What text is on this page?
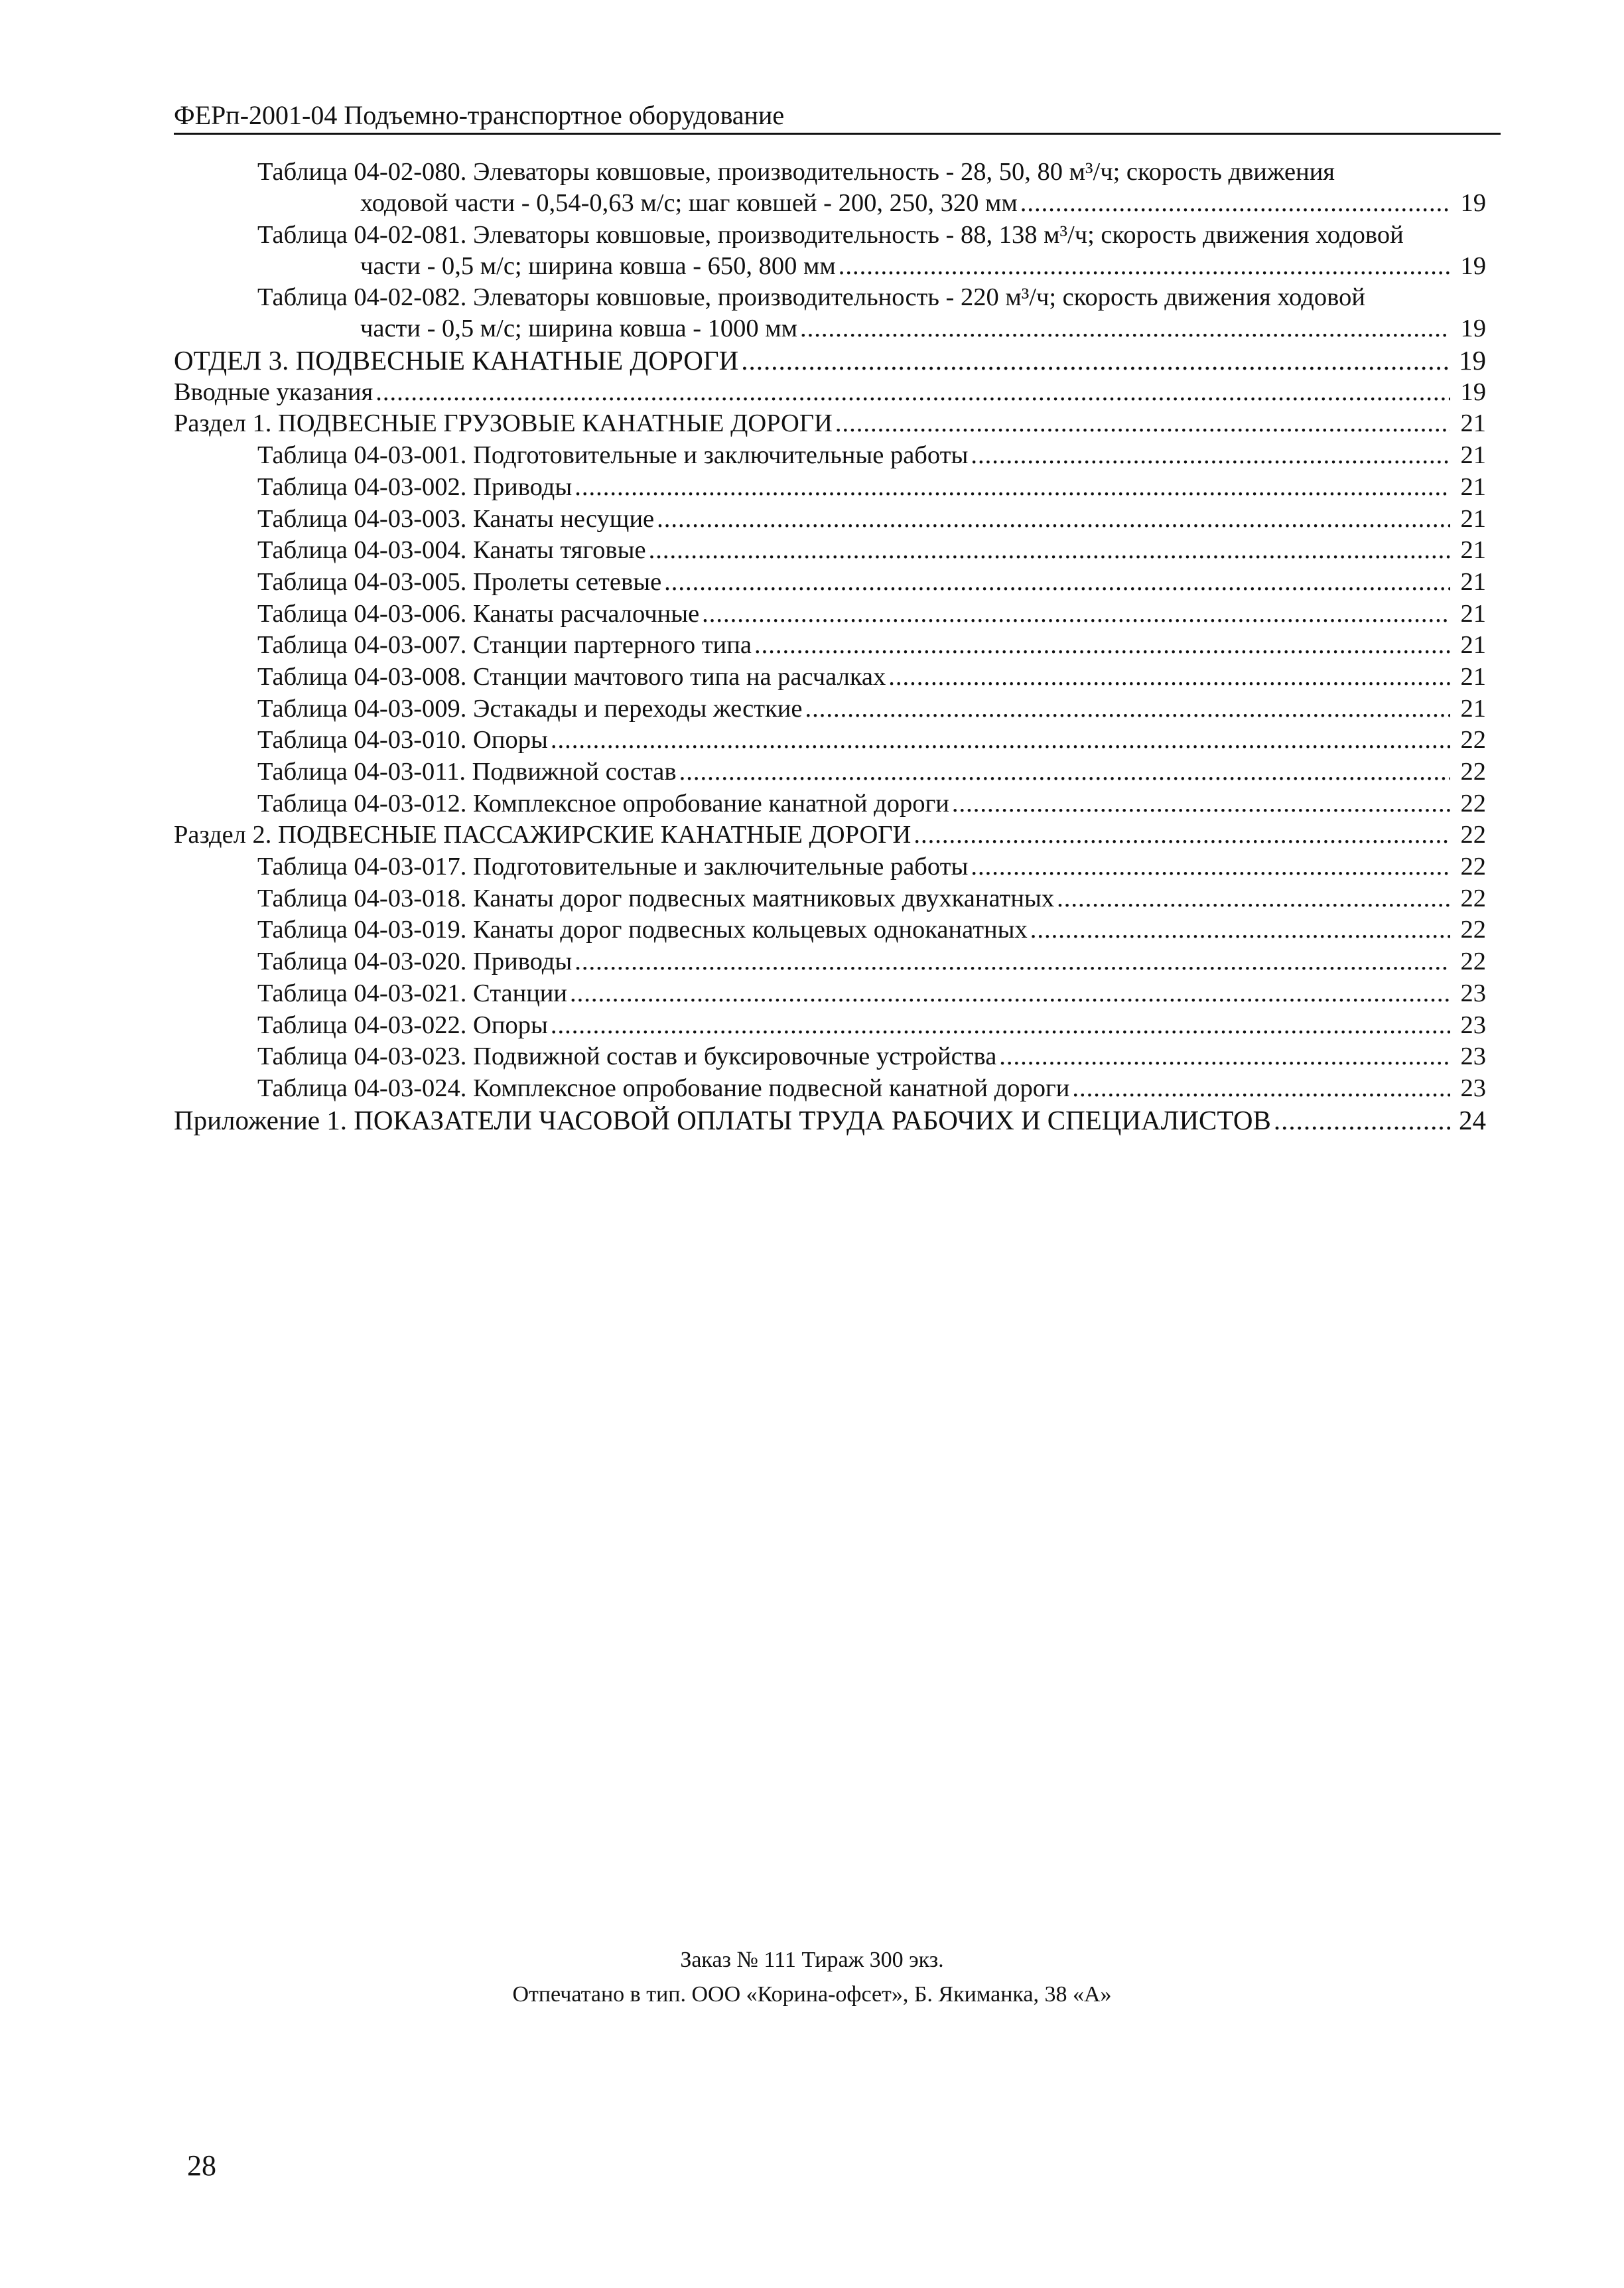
ФЕРп-2001-04 Подъемно-транспортное оборудование
Таблица 04-02-080. Элеваторы ковшовые, производительность - 28, 50, 80 м³/ч; скорость движения
ходовой части - 0,54-0,63 м/с; шаг ковшей - 200, 250, 320 мм .....	19
Таблица 04-02-081. Элеваторы ковшовые, производительность - 88, 138 м³/ч; скорость движения ходовой
части - 0,5 м/с; ширина ковша - 650, 800 мм .....	19
Таблица 04-02-082. Элеваторы ковшовые, производительность - 220 м³/ч; скорость движения ходовой
части - 0,5 м/с; ширина ковша - 1000 мм .....	19
ОТДЕЛ 3. ПОДВЕСНЫЕ КАНАТНЫЕ ДОРОГИ .....	19
Вводные указания .....	19
Раздел 1. ПОДВЕСНЫЕ ГРУЗОВЫЕ КАНАТНЫЕ ДОРОГИ .....	21
Таблица 04-03-001. Подготовительные и заключительные работы .....	21
Таблица 04-03-002. Приводы .....	21
Таблица 04-03-003. Канаты несущие .....	21
Таблица 04-03-004. Канаты тяговые .....	21
Таблица 04-03-005. Пролеты сетевые .....	21
Таблица 04-03-006. Канаты расчалочные .....	21
Таблица 04-03-007. Станции партерного типа .....	21
Таблица 04-03-008. Станции мачтового типа на расчалках .....	21
Таблица 04-03-009. Эстакады и переходы жесткие .....	21
Таблица 04-03-010. Опоры .....	22
Таблица 04-03-011. Подвижной состав .....	22
Таблица 04-03-012. Комплексное опробование канатной дороги .....	22
Раздел 2. ПОДВЕСНЫЕ ПАССАЖИРСКИЕ КАНАТНЫЕ ДОРОГИ .....	22
Таблица 04-03-017. Подготовительные и заключительные работы .....	22
Таблица 04-03-018. Канаты дорог подвесных маятниковых двухканатных .....	22
Таблица 04-03-019. Канаты дорог подвесных кольцевых одноканатных .....	22
Таблица 04-03-020. Приводы .....	22
Таблица 04-03-021. Станции .....	23
Таблица 04-03-022. Опоры .....	23
Таблица 04-03-023. Подвижной состав и буксировочные устройства .....	23
Таблица 04-03-024. Комплексное опробование подвесной канатной дороги .....	23
Приложение 1. ПОКАЗАТЕЛИ ЧАСОВОЙ ОПЛАТЫ ТРУДА РАБОЧИХ И СПЕЦИАЛИСТОВ .....	24
Заказ № 111 Тираж 300 экз.
Отпечатано в тип. ООО «Корина-офсет», Б. Якиманка, 38 «А»
28
